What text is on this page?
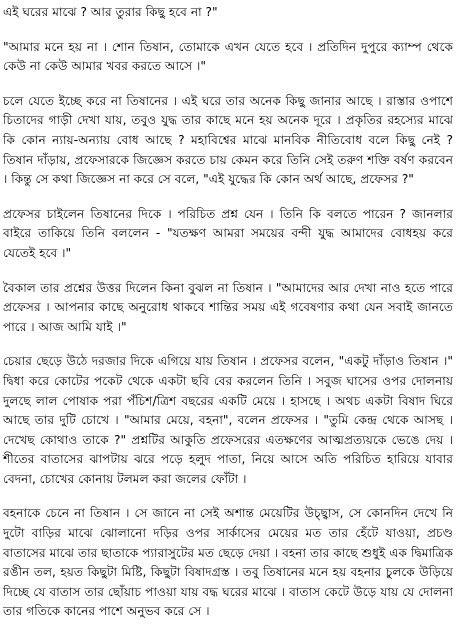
এই ঘরের মাঝে ? আর তুরার কিছু হবে না ?"

"আমার মনে হয় না । শোন তিষান, তোমাকে এখন যেতে হবে । প্রতিদিন দুপুরে ক্যাম্প থেকে কেউ না কেউ আমার খবর করতে আসে ।"

চলে যেতে ইচ্ছে করে না তিষানের । এই ঘরে তার অনেক কিছু জানার আছে । রাস্তার ওপাশে চিতাদের গাড়ী দেখা যায়, তবুও যুদ্ধ তার কাছে মনে হয় অনেক দূরে । প্রকৃতির রহস্যের মাঝে কি কোন ন্যায়-অন্যায় বোধ আছে ? মহাবিশ্বের মাঝে মানবিক নীতিবোধ বলে কিছু নেই ? তিষান দাঁড়ায়, প্রফেসারকে জিজ্ঞেস করতে চায় কেমন করে তিনি সেই তরুণ শক্তি বর্ষণ করবেন । কিন্তু সে কথা জিজ্ঞেস না করে সে বলে, "এই যুদ্ধের কি কোন অর্থ আছে, প্রফেসর ?"

প্রফেসর চাইলেন তিষানের দিকে । পরিচিত প্রশ্ন যেন । তিনি কি বলতে পারেন ? জানলার বাইরে তাকিয়ে তিনি বললেন - "যতক্ষণ আমরা সময়ের বন্দী যুদ্ধ আমাদের বোধহয় করে যেতেই হবে ।"

বৈকাল তার প্রশ্নের উত্তর দিলেন কিনা বুঝল না তিষান । "আমাদের আর দেখা নাও হতে পারে প্রফেসর । আপনার কাছে অনুরোধ থাকবে শান্তির সময় এই গবেষণার কথা যেন সবাই জানতে পারে । আজ আমি যাই ।"

চেয়ার ছেড়ে উঠে দরজার দিকে এগিয়ে যায় তিষান । প্রফেসর বলেন, "একটু দাঁড়াও তিষান ।" দ্বিধা করে কোটের পকেট থেকে একটা ছবি বের করলেন তিনি । সবুজ ঘাসের ওপর দোলনায় দুলছে লাল পোষাক পরা পঁচিশ/ত্রিশ বছরের একটি মেয়ে । হাসছে । অথচ একটা বিষাদ ঘিরে আছে তার দুটি চোখে । "আমার মেয়ে, বহনা", বলেন প্রফেসর । "তুমি কেন্দ্র থেকে আসছ । দেখেছ কোথাও তাকে ?" প্রশ্নটির আকুতি প্রফেসরের এতক্ষণের আত্মপ্রত্যয়কে ভেঙে দেয় । শীতের বাতাসের ঝাপটায় ঝরে পড়ে হলুদ পাতা, নিয়ে আসে অতি পরিচিত হারিয়ে যাবার বেদনা, চোখের কোনায় টলমল করা জলের ফোঁটা ।

বহনাকে চেনে না তিষান । সে জানে না সেই অশান্ত মেয়েটির উচ্ছ্বাস, সে কোনদিন দেখে নি দুটো বাড়ির মাঝে ঝোলানো দড়ির ওপর সার্কাসের মেয়ের মত তার হেঁটে যাওয়া, প্রচণ্ড বাতাসের মাঝে তার ছাতাকে প্যারাসুটের মত ছেড়ে দেয়া । বহনা তার কাছে শুধুই এক দ্বিমাত্রিক রঙীন তল, হয়ত কিছুটা মিষ্টি, কিছুটা বিষাদগ্রস্ত । তবু তিষানের মনে হয় বহনার চুলকে উড়িয়ে দিচ্ছে যে বাতাস তার ছোঁয়াচ পাওয়া যায় বদ্ধ ঘরের মাঝে । বাতাস কেটে উড়ে যায় যে দোলনা তার গতিকে কানের পাশে অনুভব করে সে ।
